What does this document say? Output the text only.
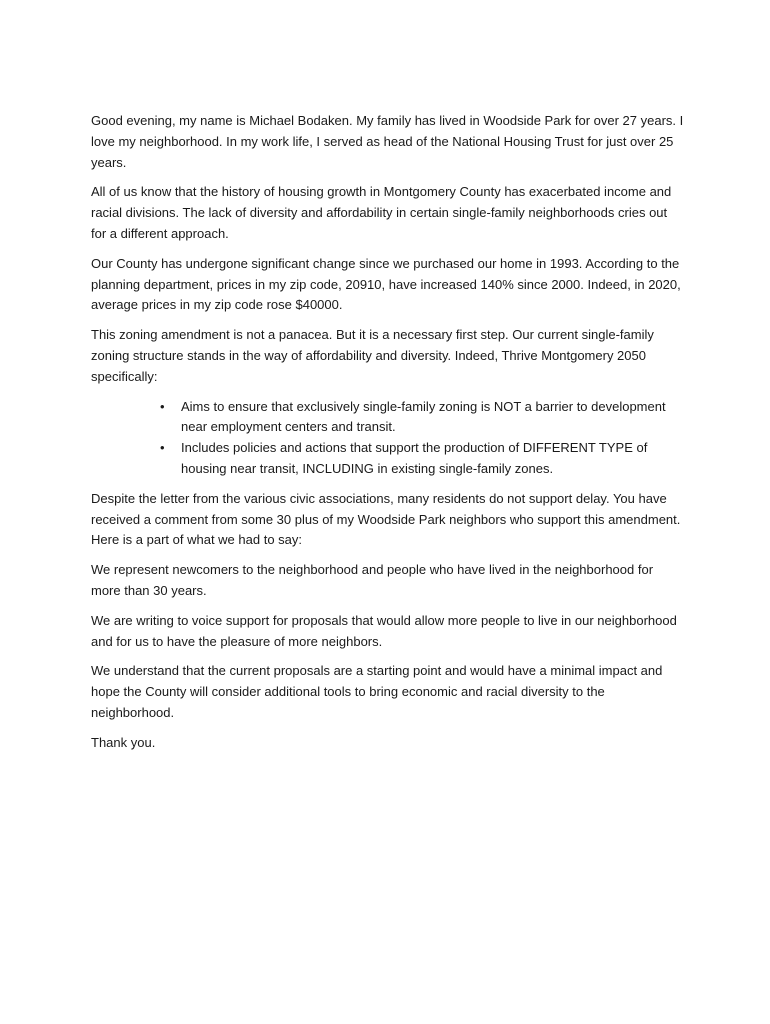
Good evening, my name is Michael Bodaken. My family has lived in Woodside Park for over 27 years. I love my neighborhood. In my work life, I served as head of the National Housing Trust for just over 25 years.

All of us know that the history of housing growth in Montgomery County has exacerbated income and racial divisions. The lack of diversity and affordability in certain single-family neighborhoods cries out for a different approach.

Our County has undergone significant change since we purchased our home in 1993. According to the planning department, prices in my zip code, 20910, have increased 140% since 2000. Indeed, in 2020, average prices in my zip code rose $40000.

This zoning amendment is not a panacea. But it is a necessary first step. Our current single-family zoning structure stands in the way of affordability and diversity. Indeed, Thrive Montgomery 2050 specifically:

• Aims to ensure that exclusively single-family zoning is NOT a barrier to development near employment centers and transit.
• Includes policies and actions that support the production of DIFFERENT TYPE of housing near transit, INCLUDING in existing single-family zones.

Despite the letter from the various civic associations, many residents do not support delay. You have received a comment from some 30 plus of my Woodside Park neighbors who support this amendment. Here is a part of what we had to say:

We represent newcomers to the neighborhood and people who have lived in the neighborhood for more than 30 years.

We are writing to voice support for proposals that would allow more people to live in our neighborhood and for us to have the pleasure of more neighbors.

We understand that the current proposals are a starting point and would have a minimal impact and hope the County will consider additional tools to bring economic and racial diversity to the neighborhood.

Thank you.
